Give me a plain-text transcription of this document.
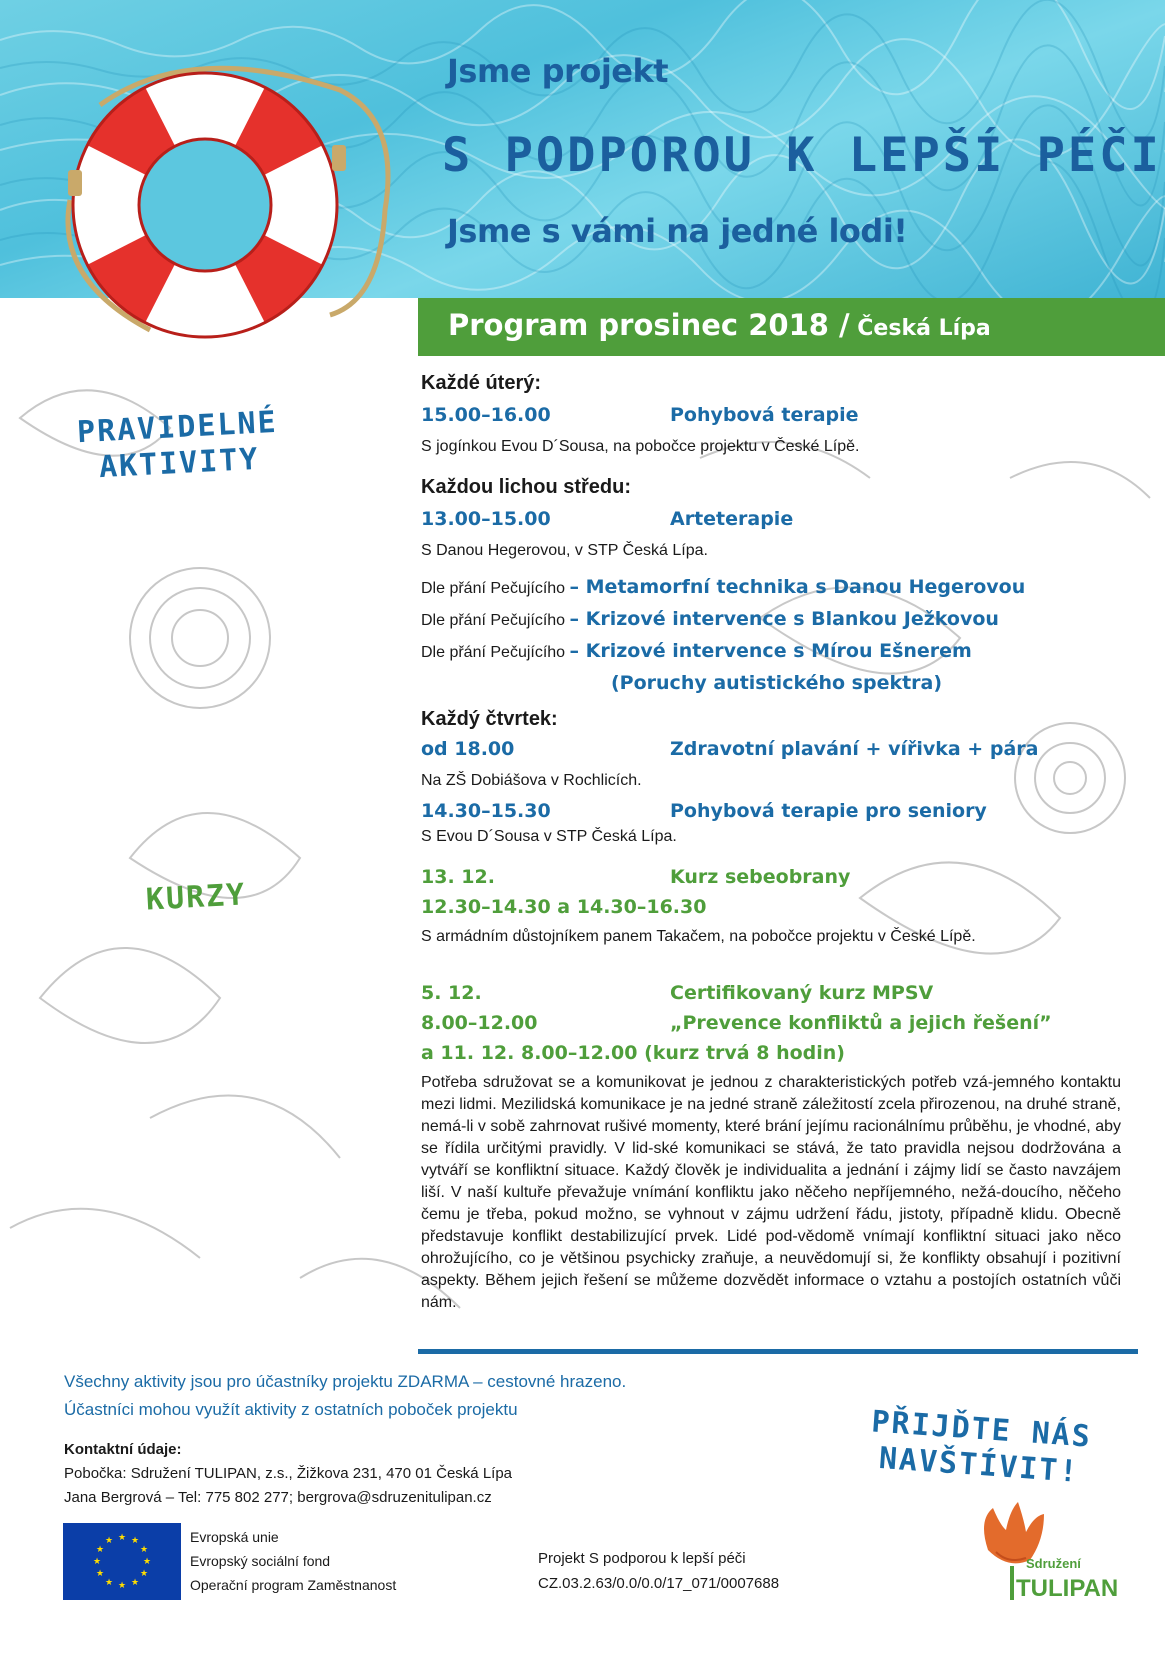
Jsme projekt
S PODPOROU K LEPŠÍ PÉČI
Jsme s vámi na jedné lodi!
Program prosinec 2018 / Česká Lípa
PRAVIDELNÉ
AKTIVITY
KURZY
PŘIJĎTE NÁS
NAVŠTÍVIT!
Každé úterý:
15.00–16.00	Pohybová terapie
S jogínkou Evou D´Sousa, na pobočce projektu v České Lípě.
Každou lichou středu:
13.00–15.00	Arteterapie
S Danou Hegerovou, v STP Česká Lípa.
Dle přání Pečujícího – Metamorfní technika s Danou Hegerovou
Dle přání Pečujícího – Krizové intervence s Blankou Ježkovou
Dle přání Pečujícího – Krizové intervence s Mírou Ešnerem
(Poruchy autistického spektra)
Každý čtvrtek:
od 18.00	Zdravotní plavání + vířivka + pára
Na ZŠ Dobiášova v Rochlicích.
14.30–15.30	Pohybová terapie pro seniory
S Evou D´Sousa v STP Česká Lípa.
13. 12.	Kurz sebeobrany
12.30–14.30 a 14.30–16.30
S armádním důstojníkem panem Takačem, na pobočce projektu v České Lípě.
5. 12.	Certifikovaný kurz MPSV
8.00–12.00	„Prevence konfliktů a jejich řešení”
a 11. 12. 8.00–12.00 (kurz trvá 8 hodin)
Potřeba sdružovat se a komunikovat je jednou z charakteristických potřeb vzá-jemného kontaktu mezi lidmi. Mezilidská komunikace je na jedné straně záležitostí zcela přirozenou, na druhé straně, nemá-li v sobě zahrnovat rušivé momenty, které brání jejímu racionálnímu průběhu, je vhodné, aby se řídila určitými pravidly. V lid-ské komunikaci se stává, že tato pravidla nejsou dodržována a vytváří se konfliktní situace. Každý člověk je individualita a jednání i zájmy lidí se často navzájem liší. V naší kultuře převažuje vnímání konfliktu jako něčeho nepříjemného, nežá-doucího, něčeho čemu je třeba, pokud možno, se vyhnout v zájmu udržení řádu, jistoty, případně klidu. Obecně představuje konflikt destabilizující prvek. Lidé pod-vědomě vnímají konfliktní situaci jako něco ohrožujícího, co je většinou psychicky zraňuje, a neuvědomují si, že konflikty obsahují i pozitivní aspekty. Během jejich řešení se můžeme dozvědět informace o vztahu a postojích ostatních vůči nám.
Všechny aktivity jsou pro účastníky projektu ZDARMA – cestovné hrazeno.
Účastníci mohou využít aktivity z ostatních poboček projektu
Kontaktní údaje:
Pobočka: Sdružení TULIPAN, z.s., Žižkova 231, 470 01 Česká Lípa
Jana Bergrová – Tel: 775 802 277; bergrova@sdruzenitulipan.cz
★ ★
★
★
★
★
★
★
★
★
★
★	Evropská unie
Evropský sociální fond
Operační program Zaměstnanost
Projekt S podporou k lepší péči
CZ.03.2.63/0.0/0.0/17_071/0007688
Sdružení
TULIPAN
